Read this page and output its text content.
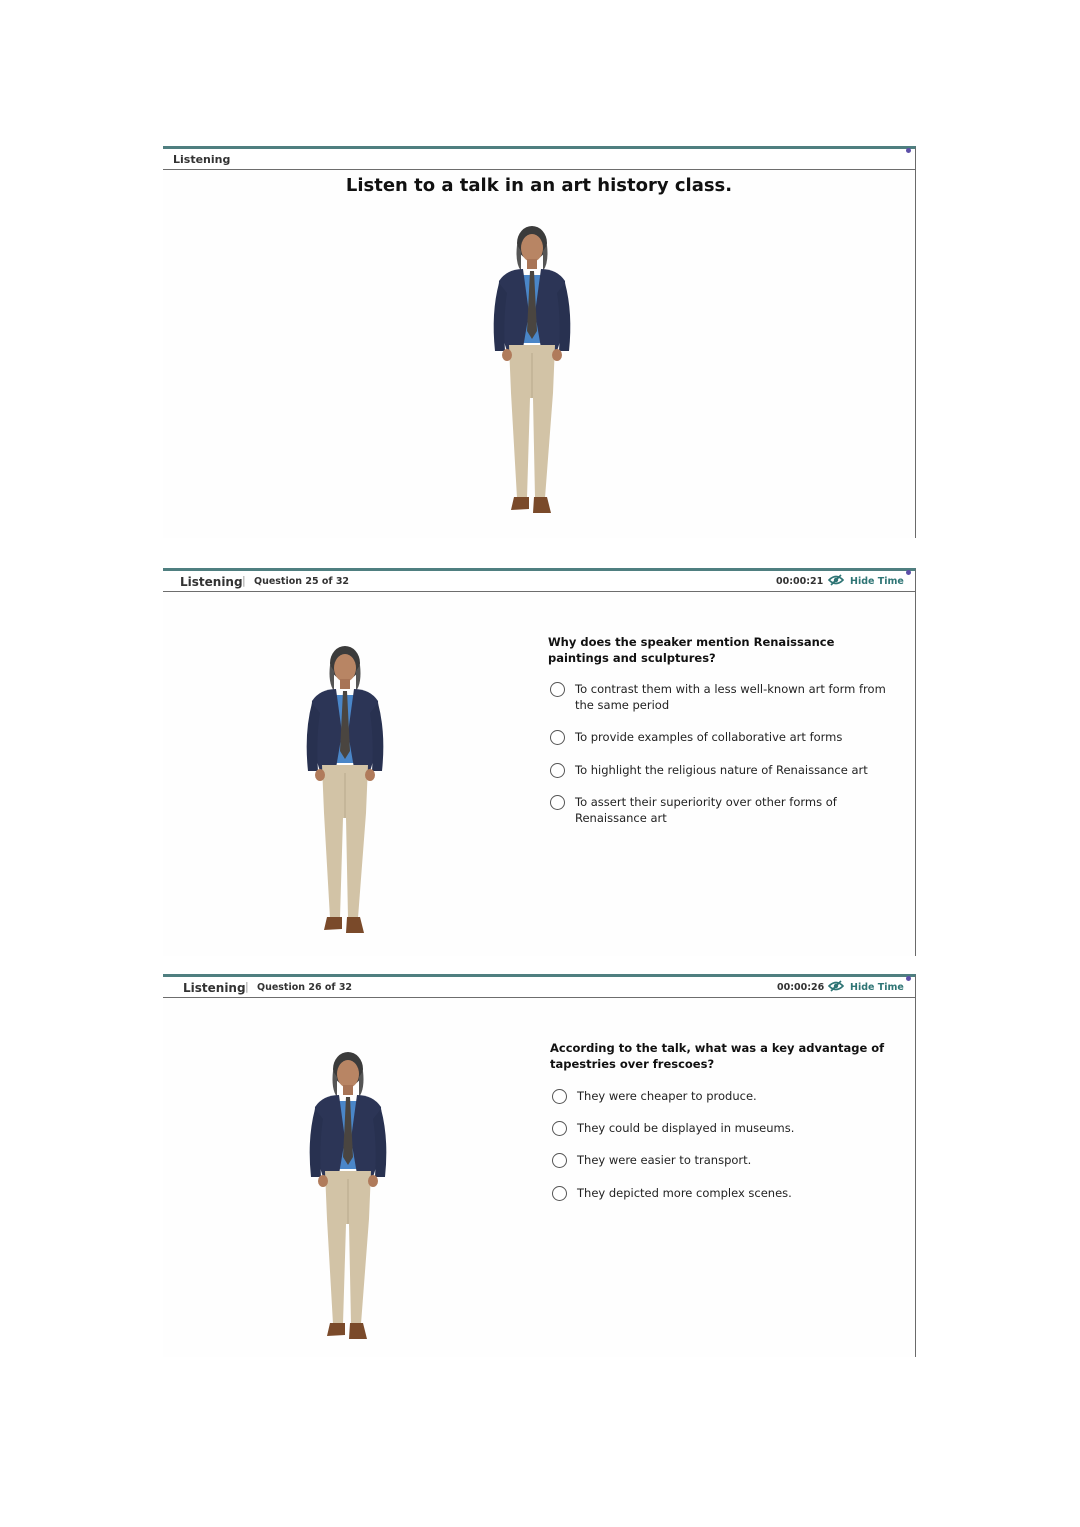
Listening
Listen to a talk in an art history class.
Listening | Question 25 of 32	00:00:21	Hide Time
Why does the speaker mention Renaissance paintings and sculptures?
To contrast them with a less well-known art form from the same period
To provide examples of collaborative art forms
To highlight the religious nature of Renaissance art
To assert their superiority over other forms of Renaissance art
Listening | Question 26 of 32	00:00:26	Hide Time
According to the talk, what was a key advantage of tapestries over frescoes?
They were cheaper to produce.
They could be displayed in museums.
They were easier to transport.
They depicted more complex scenes.
